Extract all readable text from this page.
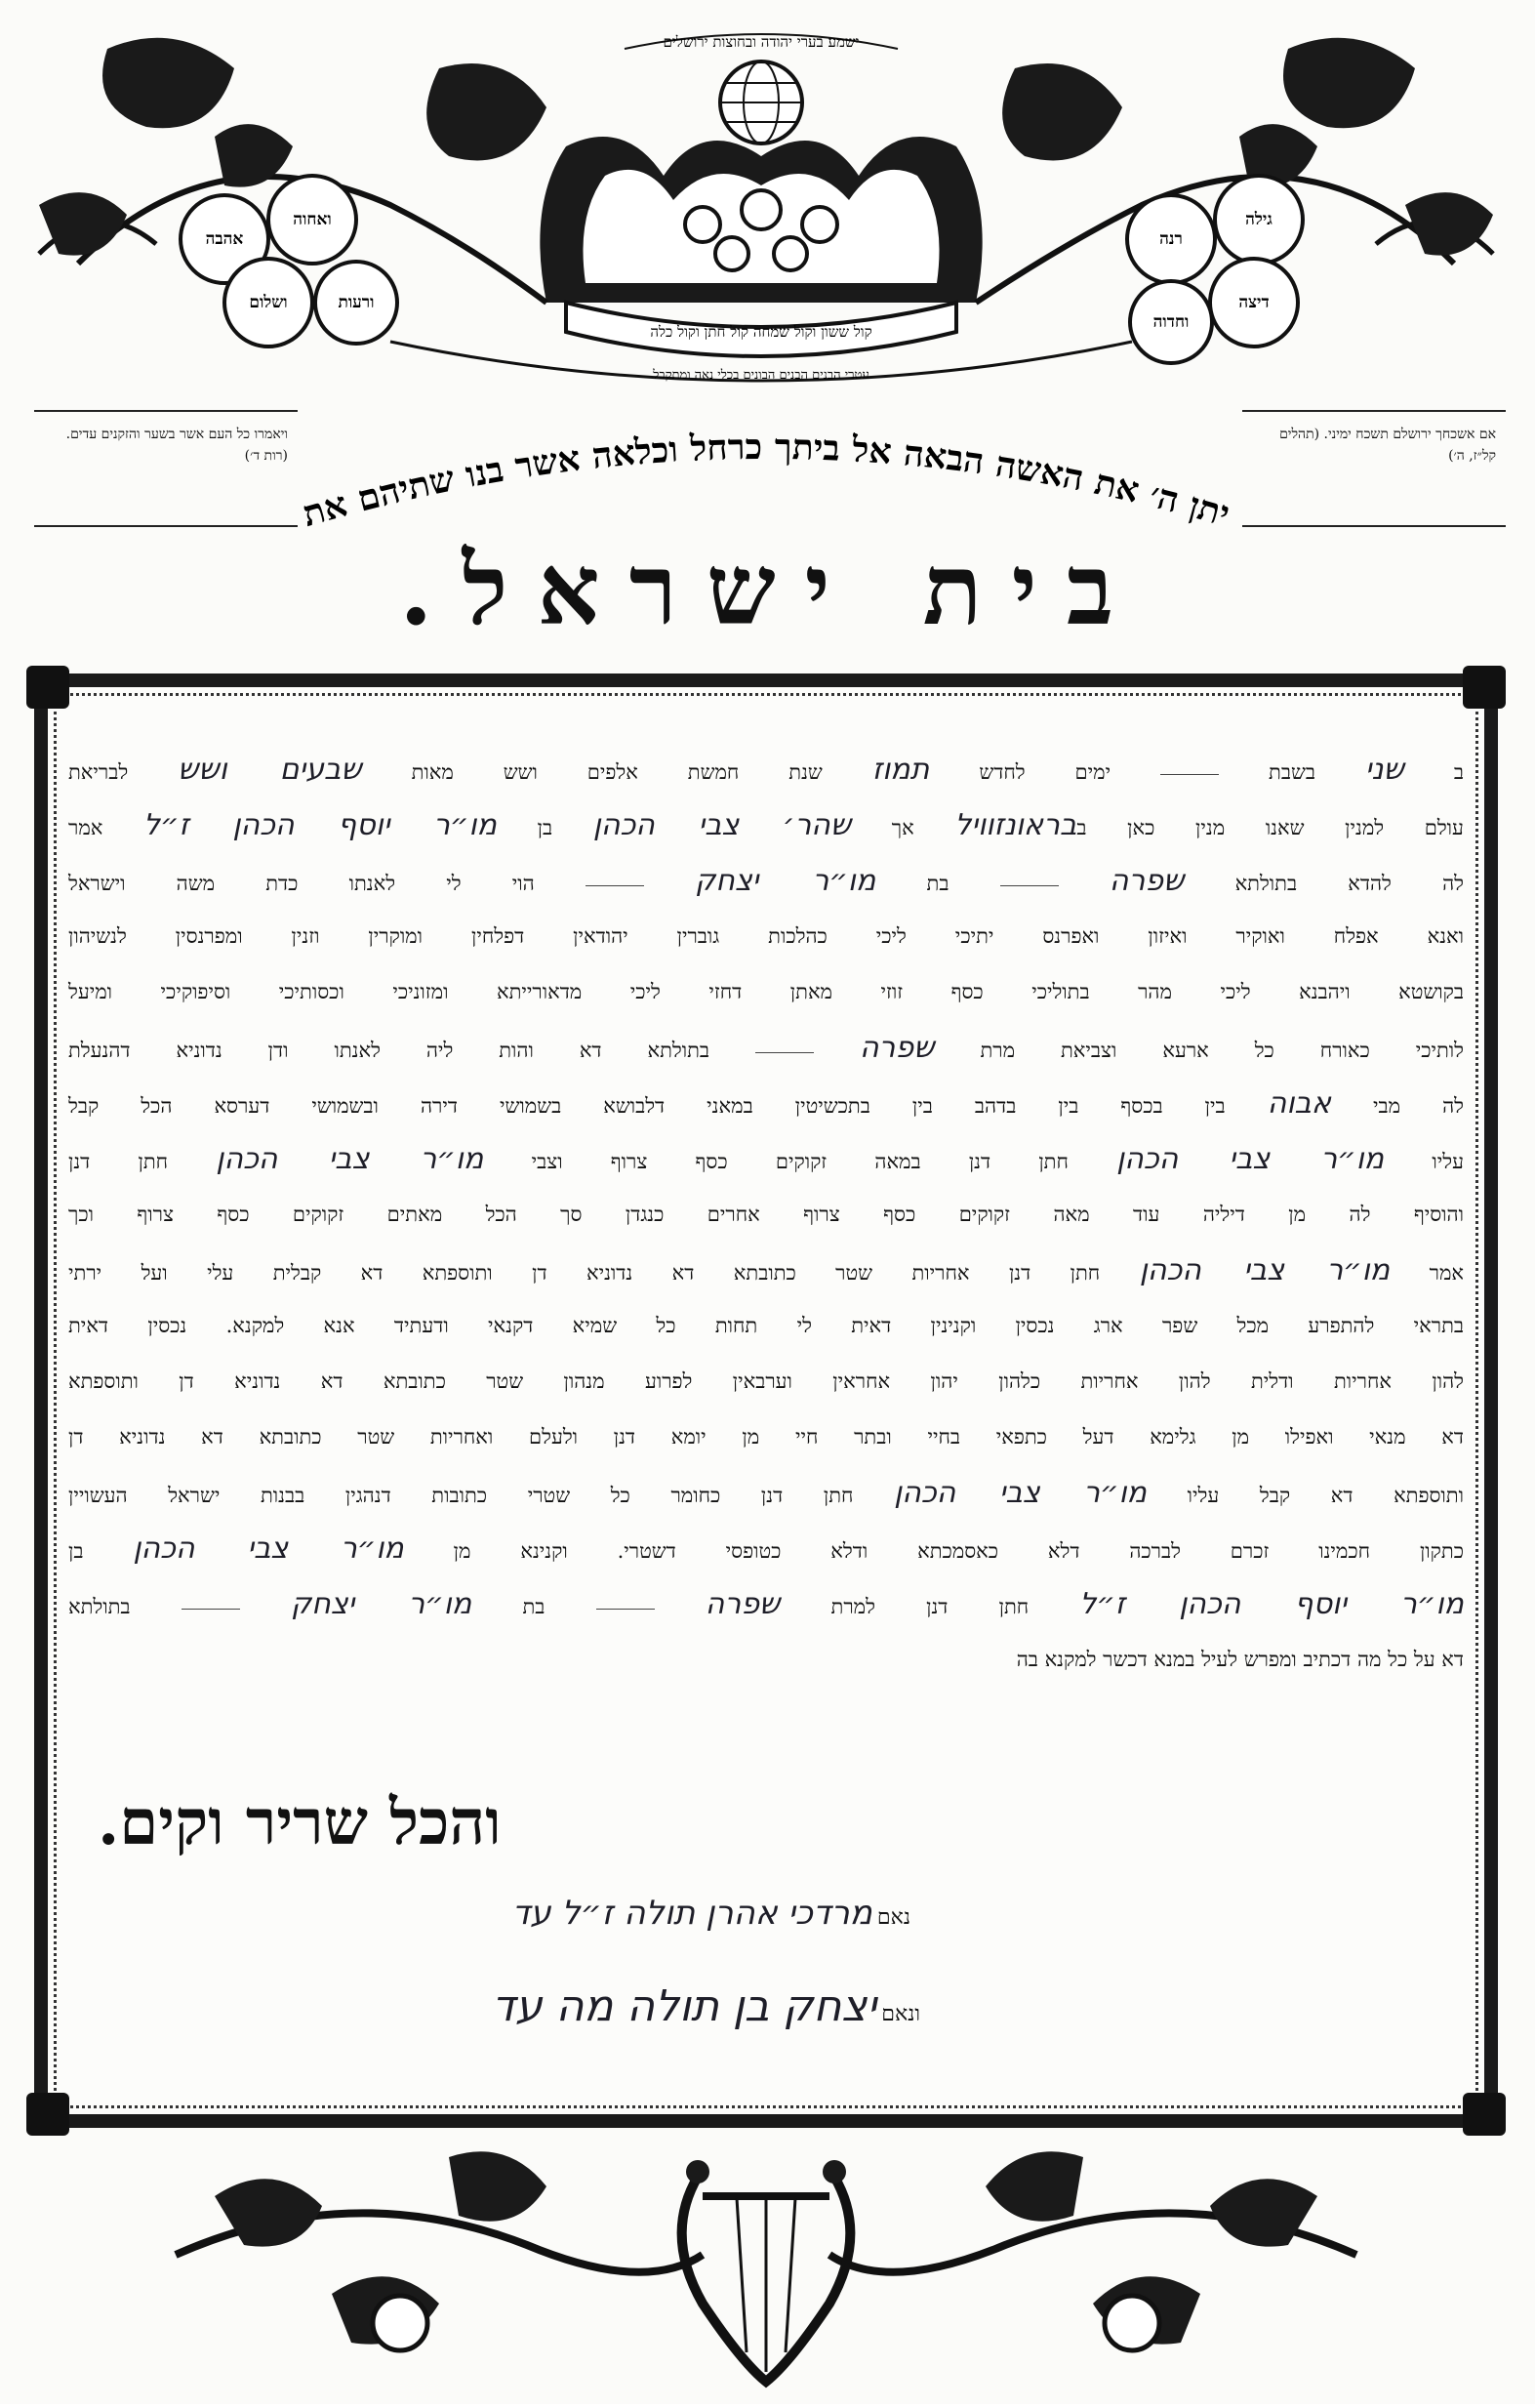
ישמע בערי יהודה ובחוצות ירושלים
קול ששון וקול שמחה קול חתן וקול כלה
עטרי הבנים הבנים הבונים בכלי נאה ומתקבל
ואחוה
אהבה
ושלום	ורעות
גילה
רנה
דיצה
וחדוה
ויאמרו כל העם אשר בשער והזקנים עדים. (רות ד׳)
אם אשכחך ירושלם תשכח ימיני. (תהלים קל״ז, ה׳)
יתן ה׳ את האשה הבאה אל ביתך כרחל וכלאה אשר בנו שתיהם את
בית ישראל.
ב שני בשבת  ימים לחדש תמוז שנת חמשת אלפים ושש מאות שבעים ושש לבריאת
עולם למנין שאנו מנין כאן בבראונזוויל אך שהר׳ צבי הכהן בן מו״ר יוסף הכהן ז״ל אמר
לה להדא בתולתא שפרה  בת מו״ר יצחק  הוי לי לאנתו כדת משה וישראל
ואנא אפלח ואוקיר ואיזון ואפרנס יתיכי ליכי כהלכות גוברין יהודאין דפלחין ומוקרין וזנין ומפרנסין לנשיהון
בקושטא ויהבנא ליכי מהר בתוליכי כסף זוזי מאתן דחזי ליכי מדאורייתא ומזוניכי וכסותיכי וסיפוקיכי ומיעל
לותיכי כאורח כל ארעא וצביאת מרת שפרה  בתולתא דא והות ליה לאנתו ודן נדוניא דהנעלת
לה מבי אבוה בין בכסף בין בדהב בין בתכשיטין במאני דלבושא בשמושי דירה ובשמושי דערסא הכל קבל
עליו מו״ר צבי הכהן חתן דנן במאה זקוקים כסף צרוף וצבי מו״ר צבי הכהן חתן דנן
והוסיף לה מן דיליה עוד מאה זקוקים כסף צרוף אחרים כנגדן סך הכל מאתים זקוקים כסף צרוף וכך
אמר מו״ר צבי הכהן חתן דנן אחריות שטר כתובתא דא נדוניא דן ותוספתא דא קבלית עלי ועל ירתי
בתראי להתפרע מכל שפר ארג נכסין וקנינין דאית לי תחות כל שמיא דקנאי ודעתיד אנא למקנא. נכסין דאית
להון אחריות ודלית להון אחריות כלהון יהון אחראין וערבאין לפרוע מנהון שטר כתובתא דא נדוניא דן ותוספתא
דא מנאי ואפילו מן גלימא דעל כתפאי בחיי ובתר חיי מן יומא דנן ולעלם ואחריות שטר כתובתא דא נדוניא דן
ותוספתא דא קבל עליו מו״ר צבי הכהן חתן דנן כחומר כל שטרי כתובות דנהגין בבנות ישראל העשויין
כתקון חכמינו זכרם לברכה דלא כאסמכתא ודלא כטופסי דשטרי. וקנינא מן מו״ר צבי הכהן בן
מו״ר יוסף הכהן ז״ל חתן דנן למרת שפרה  בת מו״ר יצחק  בתולתא
דא על כל מה דכתיב ומפרש לעיל במנא דכשר למקנא בה
והכל שריר וקים.
נאם מרדכי אהרן תולה ז״ל עד
ונאם יצחק בן תולה מה עד
